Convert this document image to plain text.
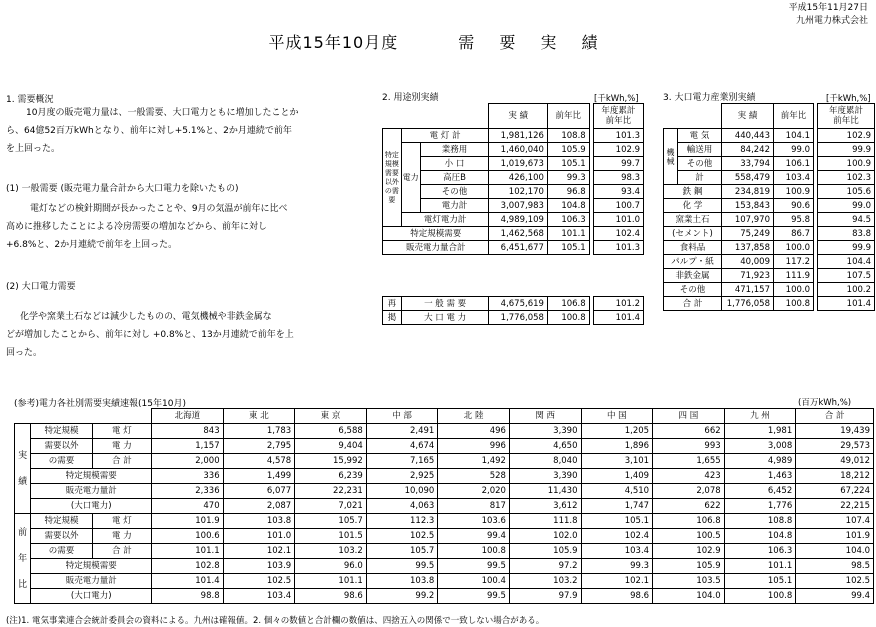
平成15年11月27日
九州電力株式会社
平成15年10月度	需 要 実 績
1. 需要概況
10月度の販売電力量は、一般需要、大口電力ともに増加したことか
ら、64億52百万kWhとなり、前年に対し+5.1%と、2か月連続で前年
を上回った。
(1) 一般需要 (販売電力量合計から大口電力を除いたもの)
電灯などの検針期間が長かったことや、9月の気温が前年に比べ
高めに推移したことによる冷房需要の増加などから、前年に対し
+6.8%と、2か月連続で前年を上回った。
(2) 大口電力需要
化学や窯業土石などは減少したものの、電気機械や非鉄金属な
どが増加したことから、前年に対し +0.8%と、13か月連続で前年を上
回った。
2. 用途別実績	[千kWh,%]
			実 績	前年比		年度累計
前年比
特定規模需要以外の需要	電 灯 計		1,981,126	108.8		101.3
	電力	業務用	1,460,040	105.9		102.9
		小 口	1,019,673	105.1		99.7
		高圧B	426,100	99.3		98.3
		その他	102,170	96.8		93.4
		電力計	3,007,983	104.8		100.7
	電灯電力計		4,989,109	106.3		101.0
特定規模需要			1,462,568	101.1		102.4
販売電力量合計			6,451,677	105.1		101.3
再	一 般 需 要	4,675,619	106.8		101.2
掲	大 口 電 力	1,776,058	100.8		101.4
3. 大口電力産業別実績	[千kWh,%]
		実 績	前年比		年度累計
前年比
機械	電 気	440,443	104.1		102.9
	輸送用	84,242	99.0		99.9
	その他	33,794	106.1		100.9
	計	558,479	103.4		102.3
鉄 鋼		234,819	100.9		105.6
化 学		153,843	90.6		99.0
窯業土石		107,970	95.8		94.5
(セメント)		75,249	86.7		83.8
食料品		137,858	100.0		99.9
パルプ・紙		40,009	117.2		104.4
非鉄金属		71,923	111.9		107.5
その他		471,157	100.0		100.2
合 計		1,776,058	100.8		101.4
(参考)電力各社別需要実績速報(15年10月)	(百万kWh,%)
			北海道	東 北	東 京	中 部	北 陸	関 西	中 国	四 国	九 州	合 計

実
績	特定規模	電 灯	843	1,783	6,588	2,491	496	3,390	1,205	662	1,981	19,439
	需要以外	電 力	1,157	2,795	9,404	4,674	996	4,650	1,896	993	3,008	29,573
	の需要	合 計	2,000	4,578	15,992	7,165	1,492	8,040	3,101	1,655	4,989	49,012
	特定規模需要		336	1,499	6,239	2,925	528	3,390	1,409	423	1,463	18,212
	販売電力量計		2,336	6,077	22,231	10,090	2,020	11,430	4,510	2,078	6,452	67,224
	(大口電力)		470	2,087	7,021	4,063	817	3,612	1,747	622	1,776	22,215

前
年
比	特定規模	電 灯	101.9	103.8	105.7	112.3	103.6	111.8	105.1	106.8	108.8	107.4
	需要以外	電 力	100.6	101.0	101.5	102.5	99.4	102.0	102.4	100.5	104.8	101.9
	の需要	合 計	101.1	102.1	103.2	105.7	100.8	105.9	103.4	102.9	106.3	104.0
	特定規模需要		102.8	103.9	96.0	99.5	99.5	97.2	99.3	105.9	101.1	98.5
	販売電力量計		101.4	102.5	101.1	103.8	100.4	103.2	102.1	103.5	105.1	102.5
	(大口電力)		98.8	103.4	98.6	99.2	99.5	97.9	98.6	104.0	100.8	99.4
(注)1. 電気事業連合会統計委員会の資料による。九州は確報値。2. 個々の数値と合計欄の数値は、四捨五入の関係で一致しない場合がある。
